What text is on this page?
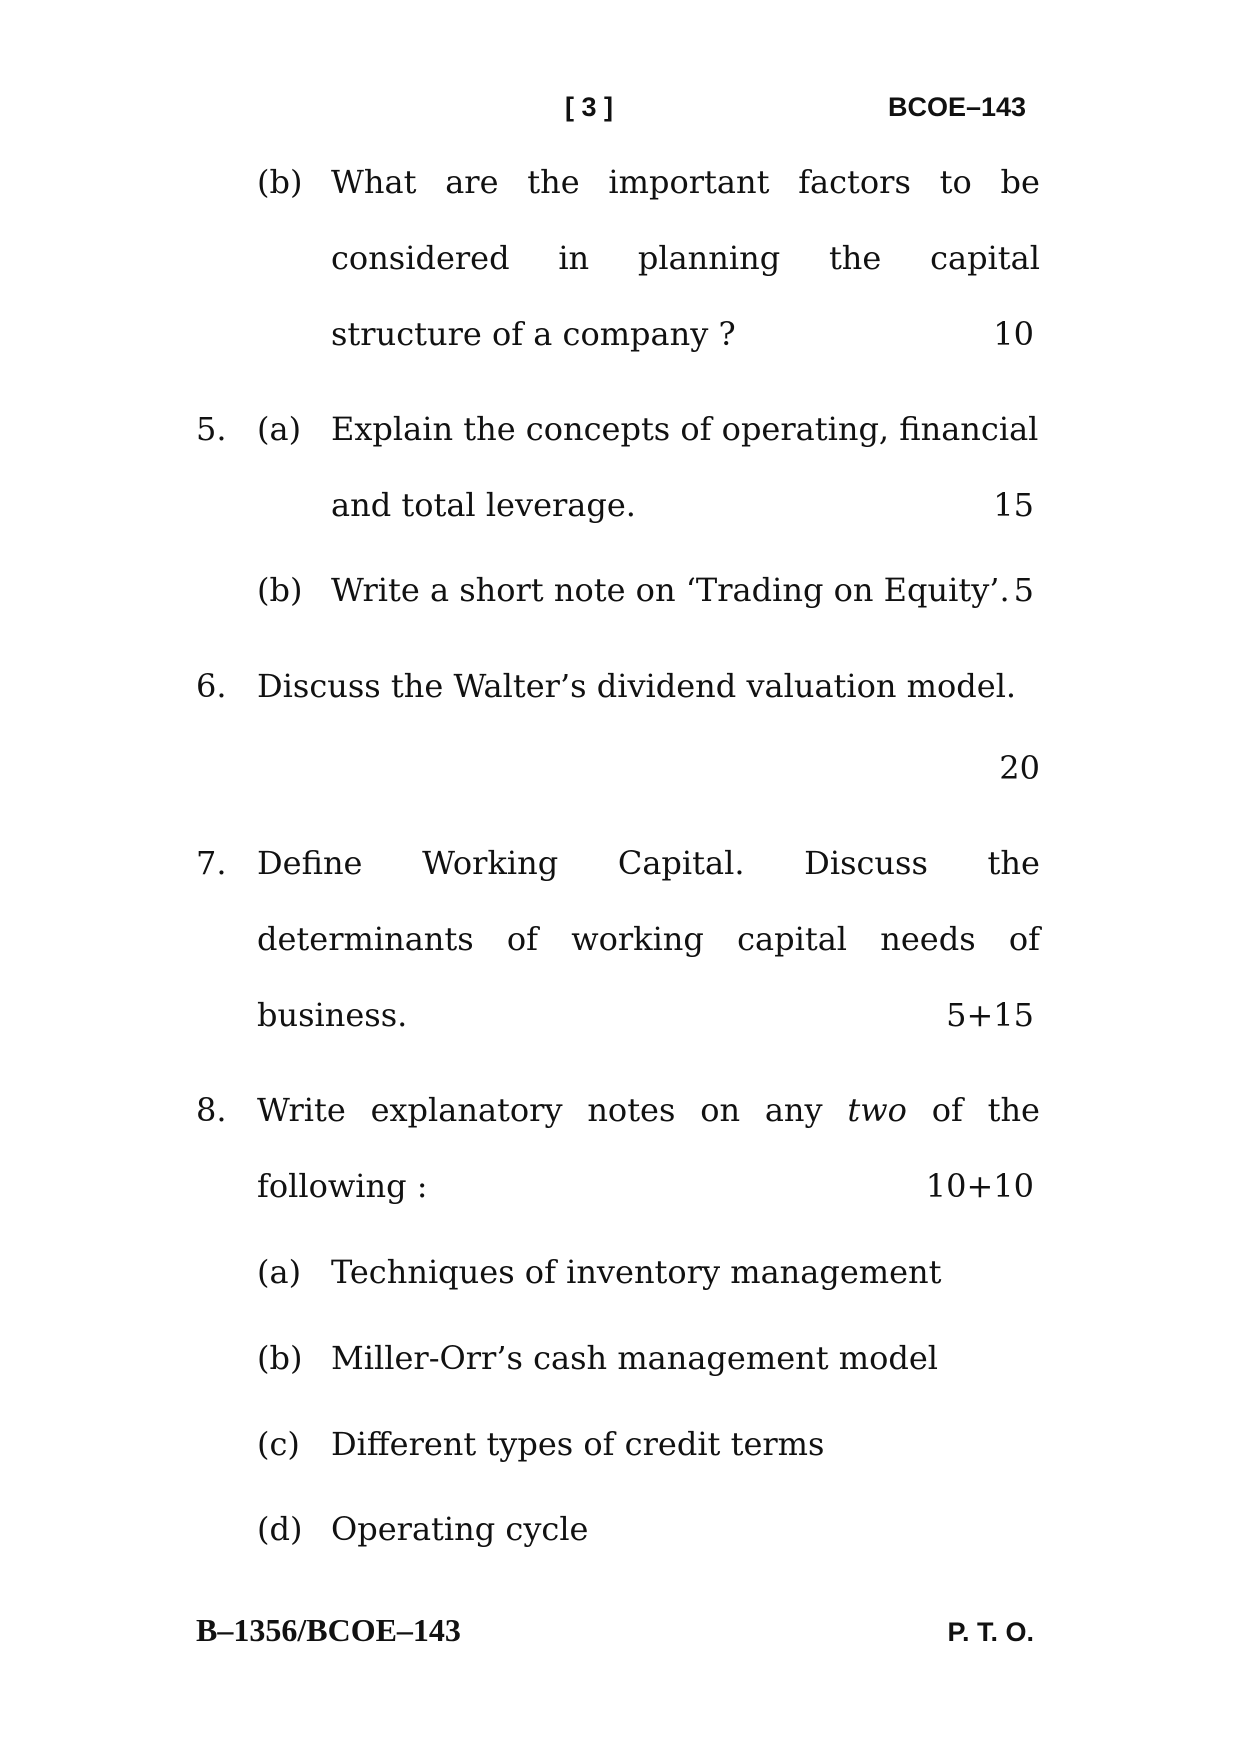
[ 3 ]	BCOE–143
(b) What are the important factors to be
considered in planning the capital
structure of a company ?	10
5. (a) Explain the concepts of operating, financial
and total leverage.	15
(b) Write a short note on ‘Trading on Equity’. 5
6. Discuss the Walter’s dividend valuation model.
20
7. Define Working Capital. Discuss the
determinants of working capital needs of
business.	5+15
8. Write explanatory notes on any two of the
following :	10+10
(a) Techniques of inventory management
(b) Miller-Orr’s cash management model
(c) Different types of credit terms
(d) Operating cycle
B–1356/BCOE–143	P. T. O.
